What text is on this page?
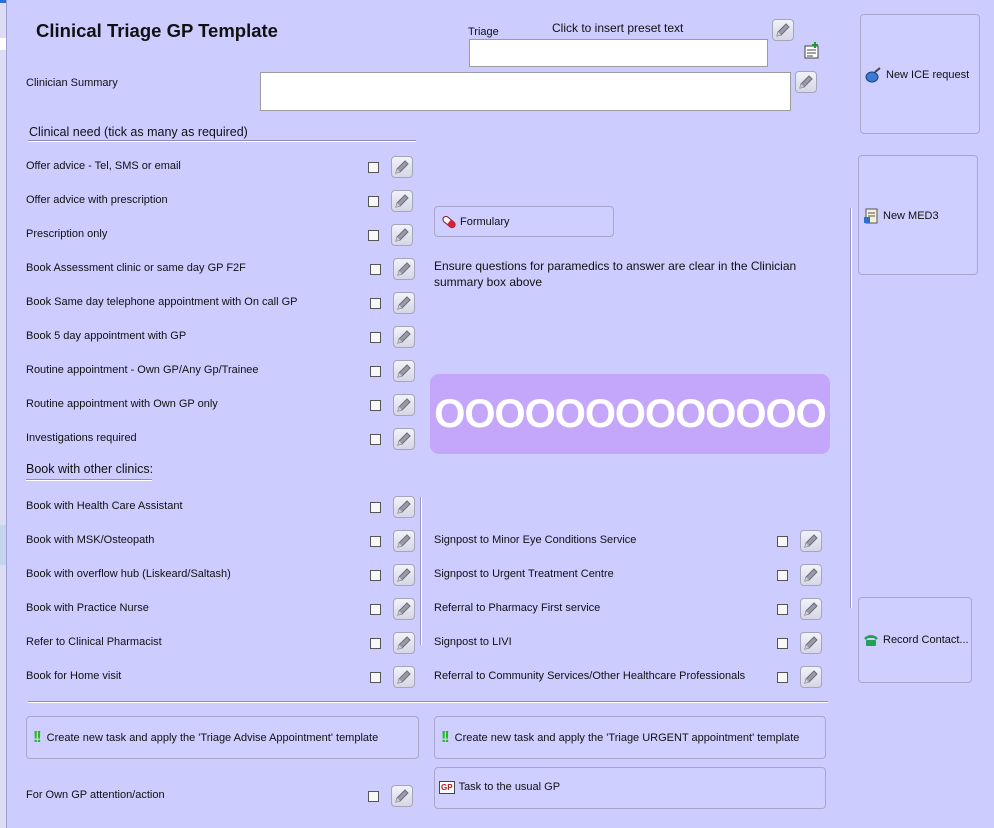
Clinical Triage GP Template	Triage	Click to insert preset text
Clinician Summary
Clinical need (tick as many as required)
Offer advice - Tel, SMS or email
Offer advice with prescription
Prescription only
Book Assessment clinic or same day GP F2F
Book Same day telephone appointment with On call GP
Book 5 day appointment with GP
Routine appointment - Own GP/Any Gp/Trainee
Routine appointment with Own GP only
Investigations required
Formulary
Ensure questions for paramedics to answer are clear in the Clinician summary box above
OOOOOOOOOOOOO
Book with other clinics:
Book with Health Care Assistant
Book with MSK/Osteopath
Book with overflow hub (Liskeard/Saltash)
Book with Practice Nurse
Refer to Clinical Pharmacist
Book for Home visit
Signpost to Minor Eye Conditions Service
Signpost to Urgent Treatment Centre
Referral to Pharmacy First service
Signpost to LIVI
Referral to Community Services/Other Healthcare Professionals
!! Create new task and apply the 'Triage Advise Appointment' template	!! Create new task and apply the 'Triage URGENT appointment' template
GP Task to the usual GP
For Own GP attention/action
New ICE request
New MED3
Record Contact...
